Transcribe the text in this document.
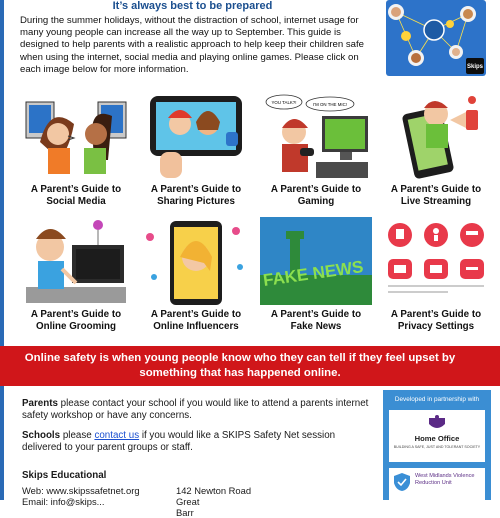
It’s always best to be prepared
During the summer holidays, without the distraction of school, internet usage for many young people can increase all the way up to September. This guide is designed to help parents with a realistic approach to help keep their children safe when using the internet, social media and playing online games. Please click on each image below for more information.	Skips
A Parent’s Guide to
Social Media
A Parent’s Guide to
Sharing Pictures
YOU TALK?!	I'M ON THE MIC!
A Parent’s Guide to
Gaming
A Parent’s Guide to
Live Streaming
A Parent’s Guide to
Online Grooming
A Parent’s Guide to
Online Influencers
FAKE NEWS
A Parent’s Guide to
Fake News
A Parent’s Guide to
Privacy Settings
Online safety is when young people know who they can tell if they feel upset by something that has happened online.

Parents please contact your school if you would like to attend a parents internet safety workshop or have any concerns.

Schools please contact us if you would like a SKIPS Safety Net session delivered to your parent groups or staff.

Skips Educational
Web: www.skipssafetnet.org	142 Newton Road
Email: info@skips...	Great Barr
Developed in partnership with
Home Office
BUILDING A SAFE, JUST AND TOLERANT SOCIETY
West Midlands Violence Reduction Unit
